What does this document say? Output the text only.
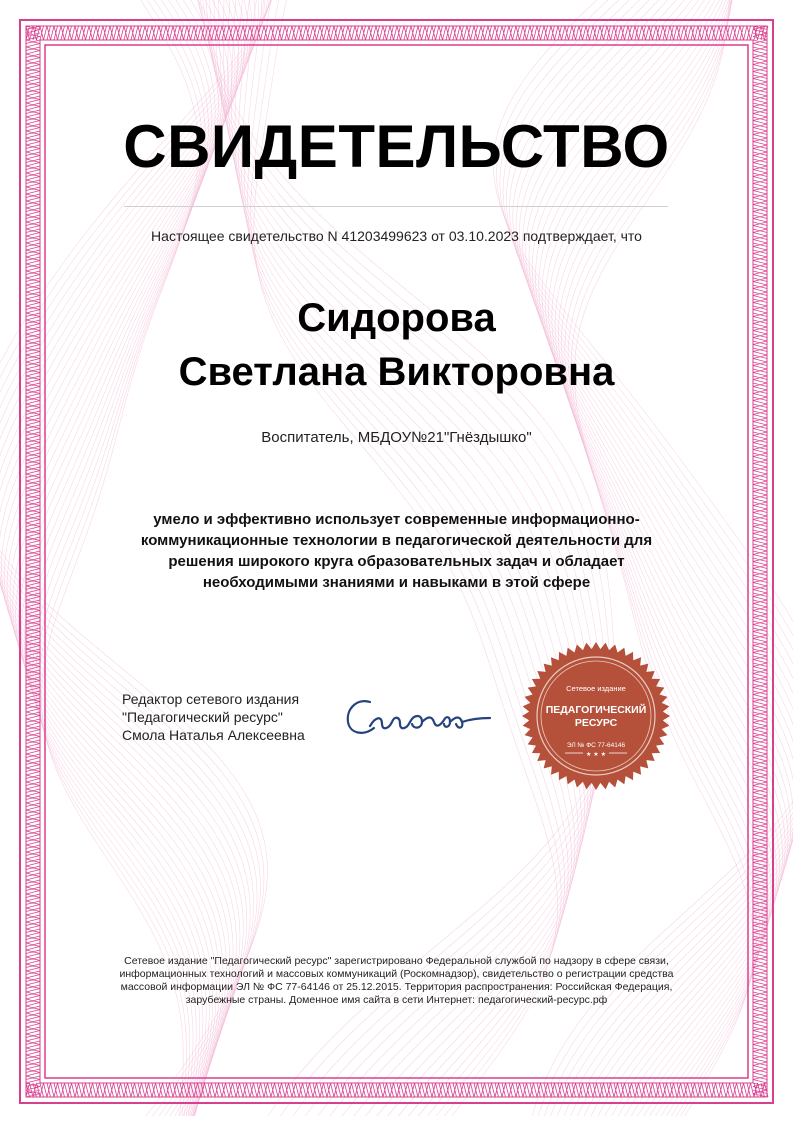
СВИДЕТЕЛЬСТВО
Настоящее свидетельство N 41203499623 от 03.10.2023 подтверждает, что
Сидорова
Светлана Викторовна
Воспитатель, МБДОУ№21"Гнёздышко"
умело и эффективно использует современные информационно-коммуникационные технологии в педагогической деятельности для решения широкого круга образовательных задач и обладает необходимыми знаниями и навыками в этой сфере
Редактор сетевого издания
"Педагогический ресурс"
Смола Наталья Алексеевна
Сетевое издание
ПЕДАГОГИЧЕСКИЙ
РЕСУРС
ЭЛ № ФС 77-64146
★ ★ ★
Сетевое издание "Педагогический ресурс" зарегистрировано Федеральной службой по надзору в сфере связи, информационных технологий и массовых коммуникаций (Роскомнадзор), свидетельство о регистрации средства массовой информации ЭЛ № ФС 77-64146 от 25.12.2015. Территория распространения: Российская Федерация, зарубежные страны. Доменное имя сайта в сети Интернет: педагогический-ресурс.рф
